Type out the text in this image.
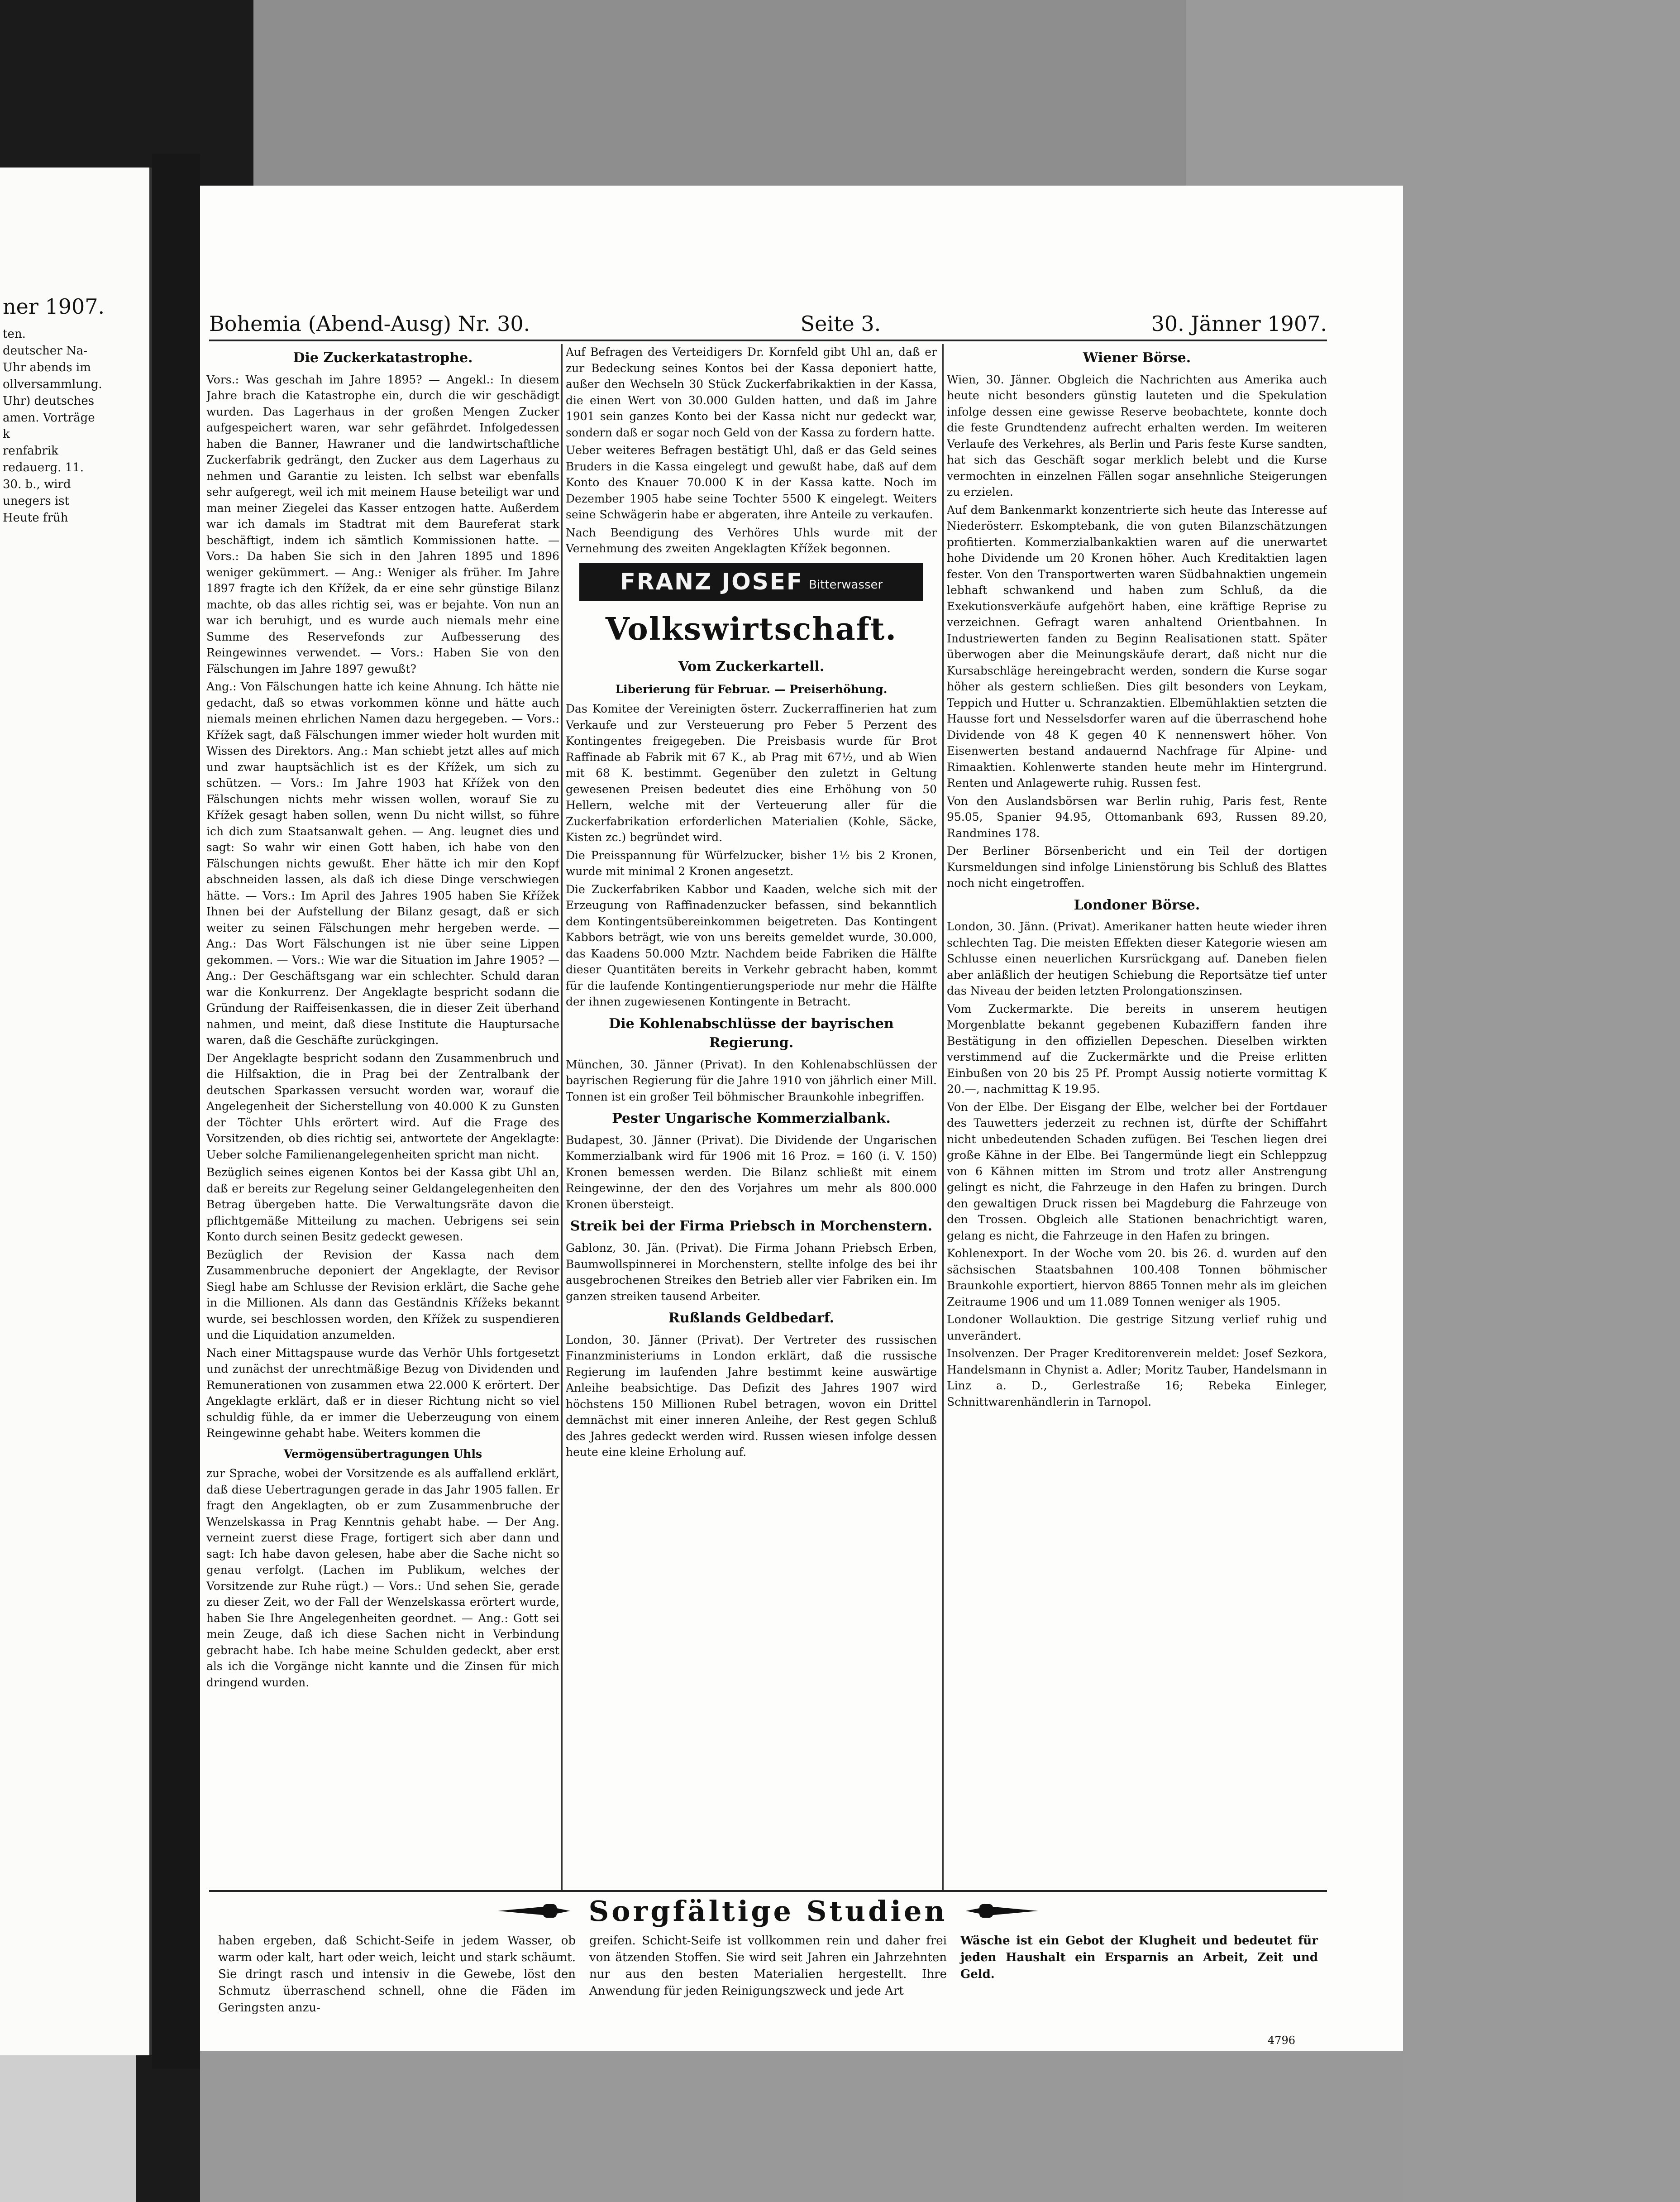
ner 1907.

ten.

deutscher Na-

Uhr abends im

ollversammlung.

Uhr) deutsches

amen. Vorträge

k

renfabrik

redauerg. 11.

30. b., wird

unegers ist

Heute früh

Bohemia (Abend-Ausg) Nr. 30.	Seite 3.	30. Jänner 1907.
Die Zuckerkatastrophe.

Vors.: Was geschah im Jahre 1895? — Angekl.: In diesem Jahre brach die Katastrophe ein, durch die wir geschädigt wurden. Das Lagerhaus in der großen Mengen Zucker aufgespeichert waren, war sehr gefährdet. Infolgedessen haben die Banner, Hawraner und die landwirtschaftliche Zuckerfabrik gedrängt, den Zucker aus dem Lagerhaus zu nehmen und Garantie zu leisten. Ich selbst war ebenfalls sehr aufgeregt, weil ich mit meinem Hause beteiligt war und man meiner Ziegelei das Kasser entzogen hatte. Außerdem war ich damals im Stadtrat mit dem Baureferat stark beschäftigt, indem ich sämtlich Kommissionen hatte. — Vors.: Da haben Sie sich in den Jahren 1895 und 1896 weniger gekümmert. — Ang.: Weniger als früher. Im Jahre 1897 fragte ich den Křížek, da er eine sehr günstige Bilanz machte, ob das alles richtig sei, was er bejahte. Von nun an war ich beruhigt, und es wurde auch niemals mehr eine Summe des Reservefonds zur Aufbesserung des Reingewinnes verwendet. — Vors.: Haben Sie von den Fälschungen im Jahre 1897 gewußt?

Ang.: Von Fälschungen hatte ich keine Ahnung. Ich hätte nie gedacht, daß so etwas vorkommen könne und hätte auch niemals meinen ehrlichen Namen dazu hergegeben. — Vors.: Křížek sagt, daß Fälschungen immer wieder holt wurden mit Wissen des Direktors. Ang.: Man schiebt jetzt alles auf mich und zwar hauptsächlich ist es der Křížek, um sich zu schützen. — Vors.: Im Jahre 1903 hat Křížek von den Fälschungen nichts mehr wissen wollen, worauf Sie zu Křížek gesagt haben sollen, wenn Du nicht willst, so führe ich dich zum Staatsanwalt gehen. — Ang. leugnet dies und sagt: So wahr wir einen Gott haben, ich habe von den Fälschungen nichts gewußt. Eher hätte ich mir den Kopf abschneiden lassen, als daß ich diese Dinge verschwiegen hätte. — Vors.: Im April des Jahres 1905 haben Sie Křížek Ihnen bei der Aufstellung der Bilanz gesagt, daß er sich weiter zu seinen Fälschungen mehr hergeben werde. — Ang.: Das Wort Fälschungen ist nie über seine Lippen gekommen. — Vors.: Wie war die Situation im Jahre 1905? — Ang.: Der Geschäftsgang war ein schlechter. Schuld daran war die Konkurrenz. Der Angeklagte bespricht sodann die Gründung der Raiffeisenkassen, die in dieser Zeit überhand nahmen, und meint, daß diese Institute die Hauptursache waren, daß die Geschäfte zurückgingen.

Der Angeklagte bespricht sodann den Zusammenbruch und die Hilfsaktion, die in Prag bei der Zentralbank der deutschen Sparkassen versucht worden war, worauf die Angelegenheit der Sicherstellung von 40.000 K zu Gunsten der Töchter Uhls erörtert wird. Auf die Frage des Vorsitzenden, ob dies richtig sei, antwortete der Angeklagte: Ueber solche Familienangelegenheiten spricht man nicht.

Bezüglich seines eigenen Kontos bei der Kassa gibt Uhl an, daß er bereits zur Regelung seiner Geldangelegenheiten den Betrag übergeben hatte. Die Verwaltungsräte davon die pflichtgemäße Mitteilung zu machen. Uebrigens sei sein Konto durch seinen Besitz gedeckt gewesen.

Bezüglich der Revision der Kassa nach dem Zusammenbruche deponiert der Angeklagte, der Revisor Siegl habe am Schlusse der Revision erklärt, die Sache gehe in die Millionen. Als dann das Geständnis Křížeks bekannt wurde, sei beschlossen worden, den Křížek zu suspendieren und die Liquidation anzumelden.

Nach einer Mittagspause wurde das Verhör Uhls fortgesetzt und zunächst der unrechtmäßige Bezug von Dividenden und Remunerationen von zusammen etwa 22.000 K erörtert. Der Angeklagte erklärt, daß er in dieser Richtung nicht so viel schuldig fühle, da er immer die Ueberzeugung von einem Reingewinne gehabt habe. Weiters kommen die

Vermögensübertragungen Uhls

zur Sprache, wobei der Vorsitzende es als auffallend erklärt, daß diese Uebertragungen gerade in das Jahr 1905 fallen. Er fragt den Angeklagten, ob er zum Zusammenbruche der Wenzelskassa in Prag Kenntnis gehabt habe. — Der Ang. verneint zuerst diese Frage, fortigert sich aber dann und sagt: Ich habe davon gelesen, habe aber die Sache nicht so genau verfolgt. (Lachen im Publikum, welches der Vorsitzende zur Ruhe rügt.) — Vors.: Und sehen Sie, gerade zu dieser Zeit, wo der Fall der Wenzelskassa erörtert wurde, haben Sie Ihre Angelegenheiten geordnet. — Ang.: Gott sei mein Zeuge, daß ich diese Sachen nicht in Verbindung gebracht habe. Ich habe meine Schulden gedeckt, aber erst als ich die Vorgänge nicht kannte und die Zinsen für mich dringend wurden.

Auf Befragen des Verteidigers Dr. Kornfeld gibt Uhl an, daß er zur Bedeckung seines Kontos bei der Kassa deponiert hatte, außer den Wechseln 30 Stück Zuckerfabrikaktien in der Kassa, die einen Wert von 30.000 Gulden hatten, und daß im Jahre 1901 sein ganzes Konto bei der Kassa nicht nur gedeckt war, sondern daß er sogar noch Geld von der Kassa zu fordern hatte.

Ueber weiteres Befragen bestätigt Uhl, daß er das Geld seines Bruders in die Kassa eingelegt und gewußt habe, daß auf dem Konto des Knauer 70.000 K in der Kassa katte. Noch im Dezember 1905 habe seine Tochter 5500 K eingelegt. Weiters seine Schwägerin habe er abgeraten, ihre Anteile zu verkaufen.

Nach Beendigung des Verhöres Uhls wurde mit der Vernehmung des zweiten Angeklagten Křížek begonnen.

FRANZ JOSEF Bitterwasser
Volkswirtschaft.
Vom Zuckerkartell.
Liberierung für Februar. — Preiserhöhung.

Das Komitee der Vereinigten österr. Zuckerraffinerien hat zum Verkaufe und zur Versteuerung pro Feber 5 Perzent des Kontingentes freigegeben. Die Preisbasis wurde für Brot Raffinade ab Fabrik mit 67 K., ab Prag mit 67½, und ab Wien mit 68 K. bestimmt. Gegenüber den zuletzt in Geltung gewesenen Preisen bedeutet dies eine Erhöhung von 50 Hellern, welche mit der Verteuerung aller für die Zuckerfabrikation erforderlichen Materialien (Kohle, Säcke, Kisten zc.) begründet wird.

Die Preisspannung für Würfelzucker, bisher 1½ bis 2 Kronen, wurde mit minimal 2 Kronen angesetzt.

Die Zuckerfabriken Kabbor und Kaaden, welche sich mit der Erzeugung von Raffinadenzucker befassen, sind bekanntlich dem Kontingentsübereinkommen beigetreten. Das Kontingent Kabbors beträgt, wie von uns bereits gemeldet wurde, 30.000, das Kaadens 50.000 Mztr. Nachdem beide Fabriken die Hälfte dieser Quantitäten bereits in Verkehr gebracht haben, kommt für die laufende Kontingentierungsperiode nur mehr die Hälfte der ihnen zugewiesenen Kontingente in Betracht.

Die Kohlenabschlüsse der bayrischen Regierung.

München, 30. Jänner (Privat). In den Kohlenabschlüssen der bayrischen Regierung für die Jahre 1910 von jährlich einer Mill. Tonnen ist ein großer Teil böhmischer Braunkohle inbegriffen.

Pester Ungarische Kommerzialbank.

Budapest, 30. Jänner (Privat). Die Dividende der Ungarischen Kommerzialbank wird für 1906 mit 16 Proz. = 160 (i. V. 150) Kronen bemessen werden. Die Bilanz schließt mit einem Reingewinne, der den des Vorjahres um mehr als 800.000 Kronen übersteigt.

Streik bei der Firma Priebsch in Morchenstern.

Gablonz, 30. Jän. (Privat). Die Firma Johann Priebsch Erben, Baumwollspinnerei in Morchenstern, stellte infolge des bei ihr ausgebrochenen Streikes den Betrieb aller vier Fabriken ein. Im ganzen streiken tausend Arbeiter.

Rußlands Geldbedarf.

London, 30. Jänner (Privat). Der Vertreter des russischen Finanzministeriums in London erklärt, daß die russische Regierung im laufenden Jahre bestimmt keine auswärtige Anleihe beabsichtige. Das Defizit des Jahres 1907 wird höchstens 150 Millionen Rubel betragen, wovon ein Drittel demnächst mit einer inneren Anleihe, der Rest gegen Schluß des Jahres gedeckt werden wird. Russen wiesen infolge dessen heute eine kleine Erholung auf.

Wiener Börse.

Wien, 30. Jänner. Obgleich die Nachrichten aus Amerika auch heute nicht besonders günstig lauteten und die Spekulation infolge dessen eine gewisse Reserve beobachtete, konnte doch die feste Grundtendenz aufrecht erhalten werden. Im weiteren Verlaufe des Verkehres, als Berlin und Paris feste Kurse sandten, hat sich das Geschäft sogar merklich belebt und die Kurse vermochten in einzelnen Fällen sogar ansehnliche Steigerungen zu erzielen.

Auf dem Bankenmarkt konzentrierte sich heute das Interesse auf Niederösterr. Eskomptebank, die von guten Bilanzschätzungen profitierten. Kommerzialbankaktien waren auf die unerwartet hohe Dividende um 20 Kronen höher. Auch Kreditaktien lagen fester. Von den Transportwerten waren Südbahnaktien ungemein lebhaft schwankend und haben zum Schluß, da die Exekutionsverkäufe aufgehört haben, eine kräftige Reprise zu verzeichnen. Gefragt waren anhaltend Orientbahnen. In Industriewerten fanden zu Beginn Realisationen statt. Später überwogen aber die Meinungskäufe derart, daß nicht nur die Kursabschläge hereingebracht werden, sondern die Kurse sogar höher als gestern schließen. Dies gilt besonders von Leykam, Teppich und Hutter u. Schranzaktien. Elbemühlaktien setzten die Hausse fort und Nesselsdorfer waren auf die überraschend hohe Dividende von 48 K gegen 40 K nennenswert höher. Von Eisenwerten bestand andauernd Nachfrage für Alpine- und Rimaaktien. Kohlenwerte standen heute mehr im Hintergrund. Renten und Anlagewerte ruhig. Russen fest.

Von den Auslandsbörsen war Berlin ruhig, Paris fest, Rente 95.05, Spanier 94.95, Ottomanbank 693, Russen 89.20, Randmines 178.

Der Berliner Börsenbericht und ein Teil der dortigen Kursmeldungen sind infolge Linienstörung bis Schluß des Blattes noch nicht eingetroffen.

Londoner Börse.

London, 30. Jänn. (Privat). Amerikaner hatten heute wieder ihren schlechten Tag. Die meisten Effekten dieser Kategorie wiesen am Schlusse einen neuerlichen Kursrückgang auf. Daneben fielen aber anläßlich der heutigen Schiebung die Reportsätze tief unter das Niveau der beiden letzten Prolongationszinsen.

Vom Zuckermarkte. Die bereits in unserem heutigen Morgenblatte bekannt gegebenen Kubaziffern fanden ihre Bestätigung in den offiziellen Depeschen. Dieselben wirkten verstimmend auf die Zuckermärkte und die Preise erlitten Einbußen von 20 bis 25 Pf. Prompt Aussig notierte vormittag K 20.—, nachmittag K 19.95.

Von der Elbe. Der Eisgang der Elbe, welcher bei der Fortdauer des Tauwetters jederzeit zu rechnen ist, dürfte der Schiffahrt nicht unbedeutenden Schaden zufügen. Bei Teschen liegen drei große Kähne in der Elbe. Bei Tangermünde liegt ein Schleppzug von 6 Kähnen mitten im Strom und trotz aller Anstrengung gelingt es nicht, die Fahrzeuge in den Hafen zu bringen. Durch den gewaltigen Druck rissen bei Magdeburg die Fahrzeuge von den Trossen. Obgleich alle Stationen benachrichtigt waren, gelang es nicht, die Fahrzeuge in den Hafen zu bringen.

Kohlenexport. In der Woche vom 20. bis 26. d. wurden auf den sächsischen Staatsbahnen 100.408 Tonnen böhmischer Braunkohle exportiert, hiervon 8865 Tonnen mehr als im gleichen Zeitraume 1906 und um 11.089 Tonnen weniger als 1905.

Londoner Wollauktion. Die gestrige Sitzung verlief ruhig und unverändert.

Insolvenzen. Der Prager Kreditorenverein meldet: Josef Sezkora, Handelsmann in Chynist a. Adler; Moritz Tauber, Handelsmann in Linz a. D., Gerlestraße 16; Rebeka Einleger, Schnittwarenhändlerin in Tarnopol.

Sorgfältige Studien
haben ergeben, daß Schicht-Seife in jedem Wasser, ob warm oder kalt, hart oder weich, leicht und stark schäumt. Sie dringt rasch und intensiv in die Gewebe, löst den Schmutz überraschend schnell, ohne die Fäden im Geringsten anzu-
greifen. Schicht-Seife ist vollkommen rein und daher frei von ätzenden Stoffen. Sie wird seit Jahren ein Jahrzehnten nur aus den besten Materialien hergestellt. Ihre Anwendung für jeden Reinigungszweck und jede Art
Wäsche ist ein Gebot der Klugheit und bedeutet für jeden Haushalt ein Ersparnis an Arbeit, Zeit und Geld.
4796
